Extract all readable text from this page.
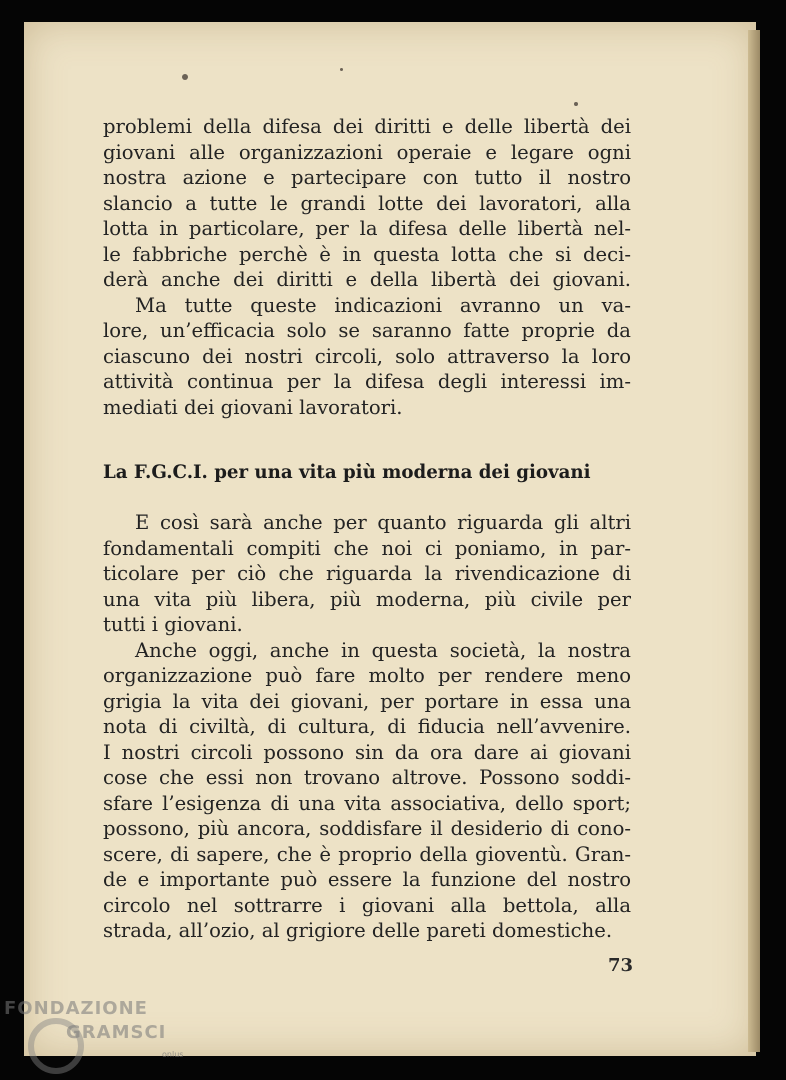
problemi della difesa dei diritti e delle libertà dei
giovani alle organizzazioni operaie e legare ogni
nostra azione e partecipare con tutto il nostro
slancio a tutte le grandi lotte dei lavoratori, alla
lotta in particolare, per la difesa delle libertà nel-
le fabbriche perchè è in questa lotta che si deci-
derà anche dei diritti e della libertà dei giovani.

Ma tutte queste indicazioni avranno un va-
lore, un’efficacia solo se saranno fatte proprie da
ciascuno dei nostri circoli, solo attraverso la loro
attività continua per la difesa degli interessi im-
mediati dei giovani lavoratori.

La F.G.C.I. per una vita più moderna dei giovani

E così sarà anche per quanto riguarda gli altri
fondamentali compiti che noi ci poniamo, in par-
ticolare per ciò che riguarda la rivendicazione di
una vita più libera, più moderna, più civile per
tutti i giovani.

Anche oggi, anche in questa società, la nostra
organizzazione può fare molto per rendere meno
grigia la vita dei giovani, per portare in essa una
nota di civiltà, di cultura, di fiducia nell’avvenire.
I nostri circoli possono sin da ora dare ai giovani
cose che essi non trovano altrove. Possono soddi-
sfare l’esigenza di una vita associativa, dello sport;
possono, più ancora, soddisfare il desiderio di cono-
scere, di sapere, che è proprio della gioventù. Gran-
de e importante può essere la funzione del nostro
circolo nel sottrarre i giovani alla bettola, alla
strada, all’ozio, al grigiore delle pareti domestiche.

73
FONDAZIONE
GRAMSCI
onlus
